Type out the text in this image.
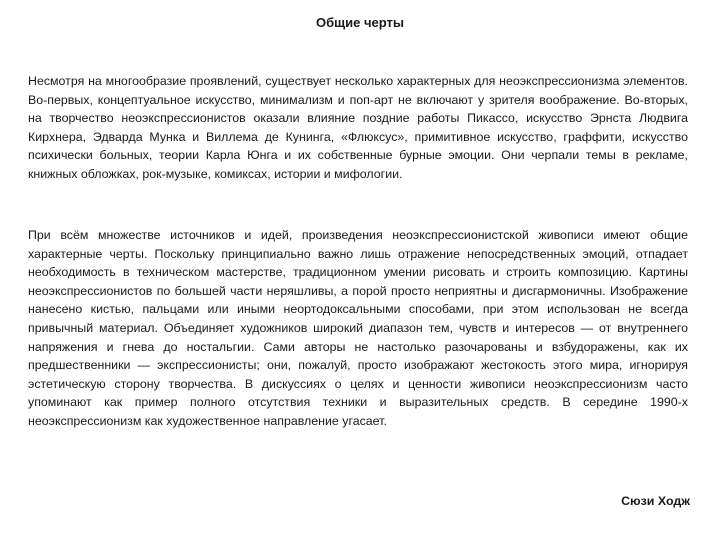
Общие черты

Несмотря на многообразие проявлений, существует несколько характерных для неоэкспрессионизма элементов. Во-первых, концептуальное искусство, минимализм и поп-арт не включают у зрителя воображение. Во-вторых, на творчество неоэкспрессионистов оказали влияние поздние работы Пикассо, искусство Эрнста Людвига Кирхнера, Эдварда Мунка и Виллема де Кунинга, «Флюксус», примитивное искусство, граффити, искусство психически больных, теории Карла Юнга и их собственные бурные эмоции. Они черпали темы в рекламе, книжных обложках, рок-музыке, комиксах, истории и мифологии.

При всём множестве источников и идей, произведения неоэкспрессионистской живописи имеют общие характерные черты. Поскольку принципиально важно лишь отражение непосредственных эмоций, отпадает необходимость в техническом мастерстве, традиционном умении рисовать и строить композицию. Картины неоэкспрессионистов по большей части неряшливы, а порой просто неприятны и дисгармоничны. Изображение нанесено кистью, пальцами или иными неортодоксальными способами, при этом использован не всегда привычный материал. Объединяет художников широкий диапазон тем, чувств и интересов — от внутреннего напряжения и гнева до ностальгии. Сами авторы не настолько разочарованы и взбудоражены, как их предшественники — экспрессионисты; они, пожалуй, просто изображают жестокость этого мира, игнорируя эстетическую сторону творчества. В дискуссиях о целях и ценности живописи неоэкспрессионизм часто упоминают как пример полного отсутствия техники и выразительных средств. В середине 1990-х неоэкспрессионизм как художественное направление угасает.

Сюзи Ходж
